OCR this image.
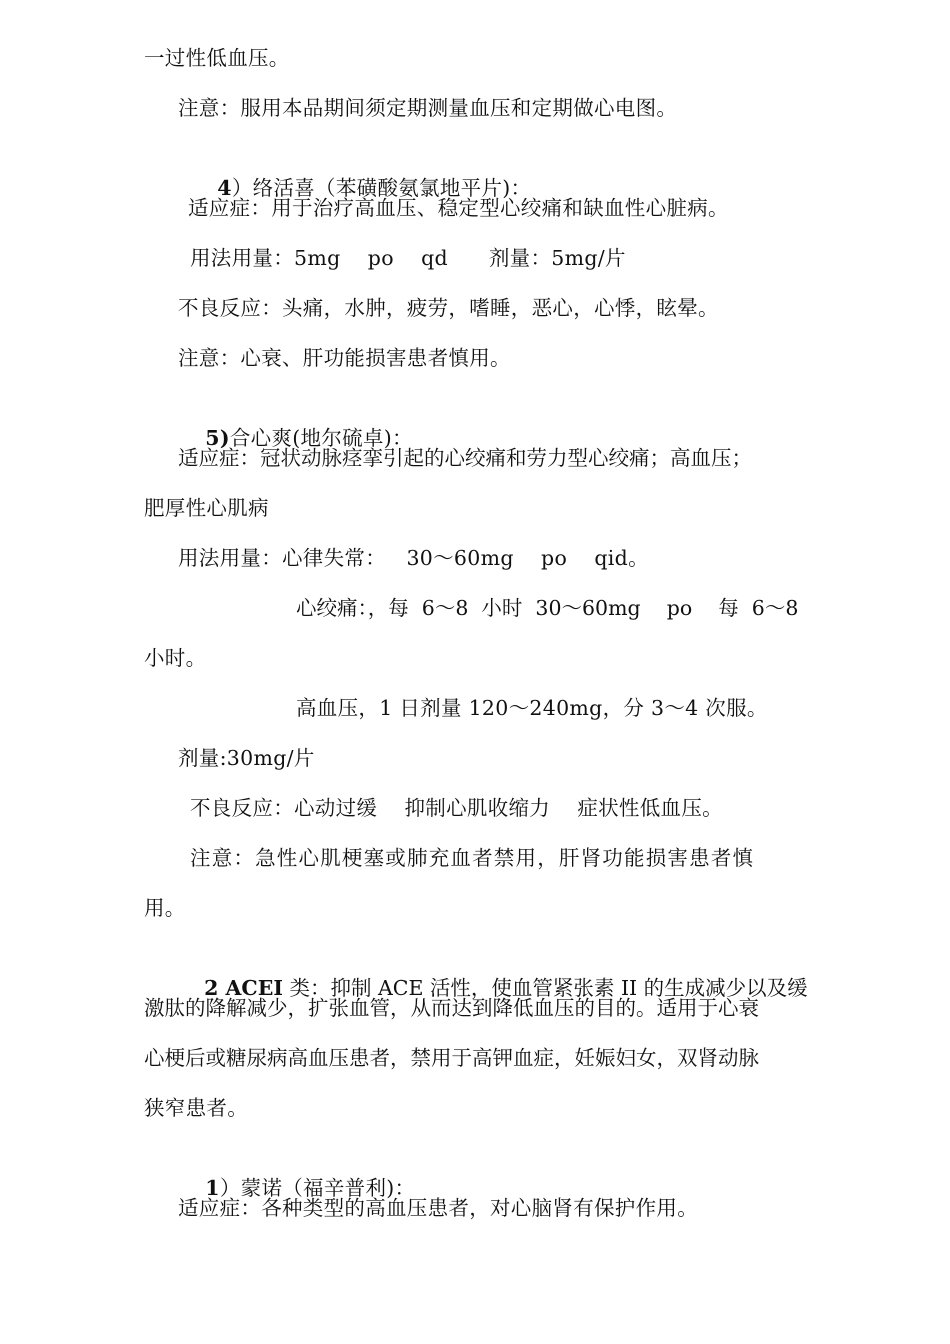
一过性低血压。
注意：服用本品期间须定期测量血压和定期做心电图。

4）络活喜（苯磺酸氨氯地平片)：

适应症：用于治疗高血压、稳定型心绞痛和缺血性心脏病。
用法用量：5mg    po    qd      剂量：5mg/片
不良反应：头痛，水肿，疲劳，嗜睡，恶心，心悸，眩晕。
注意：心衰、肝功能损害患者慎用。

5)合心爽(地尔硫卓)：

适应症：冠状动脉痉挛引起的心绞痛和劳力型心绞痛；高血压；
肥厚性心肌病
用法用量：心律失常：   30～60mg    po    qid。
心绞痛：，每  6～8  小时  30～60mg    po    每  6～8
小时。
高血压，1 日剂量 120～240mg，分 3～4 次服。
剂量:30mg/片
不良反应：心动过缓    抑制心肌收缩力    症状性低血压。
注意：急性心肌梗塞或肺充血者禁用，肝肾功能损害患者慎
用。

2 ACEI 类：抑制 ACE 活性，使血管紧张素 II 的生成减少以及缓

激肽的降解减少，扩张血管，从而达到降低血压的目的。适用于心衰
心梗后或糖尿病高血压患者，禁用于高钾血症，妊娠妇女，双肾动脉
狭窄患者。

1）蒙诺（福辛普利)：

适应症：各种类型的高血压患者，对心脑肾有保护作用。
